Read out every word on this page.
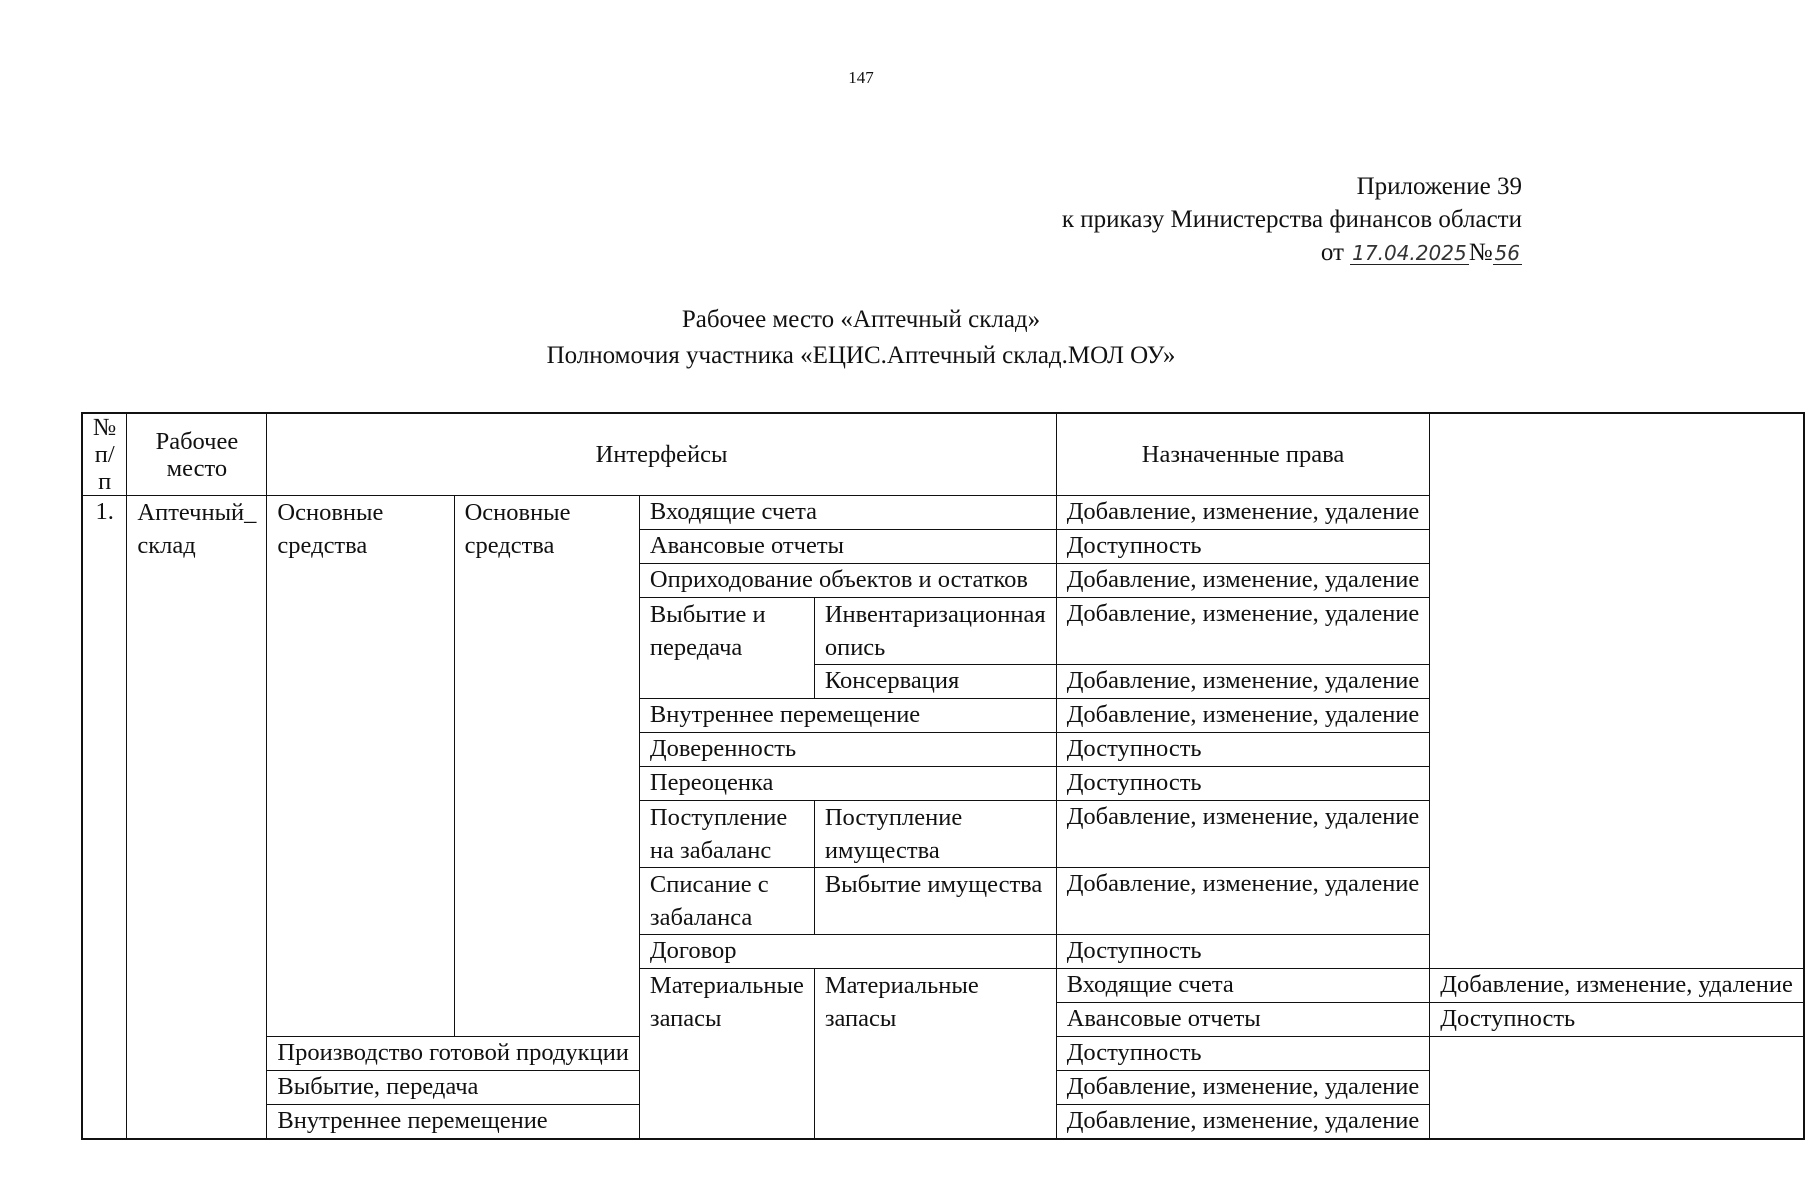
147
Приложение 39
к приказу Министерства финансов области
от 17.04.2025№ 56
Рабочее место «Аптечный склад»
Полномочия участника «ЕЦИС.Аптечный склад.МОЛ ОУ»
№ п/п	Рабочее место	Интерфейсы				Назначенные права	
1.	Аптечный_ склад	Основные средства	Основные средства	Входящие счета		Добавление, изменение, удаление	
				Авансовые отчеты		Доступность	
				Оприходование объектов и остатков		Добавление, изменение, удаление	
				Выбытие и передача	Инвентаризационная опись	Добавление, изменение, удаление	
					Консервация	Добавление, изменение, удаление	
				Внутреннее перемещение		Добавление, изменение, удаление	
				Доверенность		Доступность	
				Переоценка		Доступность	
				Поступление на забаланс	Поступление имущества	Добавление, изменение, удаление	
				Списание с забаланса	Выбытие имущества	Добавление, изменение, удаление	
				Договор		Доступность	
				Материальные запасы	Материальные запасы	Входящие счета	Добавление, изменение, удаление
						Авансовые отчеты	Доступность
		Производство готовой продукции				Доступность	
		Выбытие, передача				Добавление, изменение, удаление	
		Внутреннее перемещение				Добавление, изменение, удаление	
